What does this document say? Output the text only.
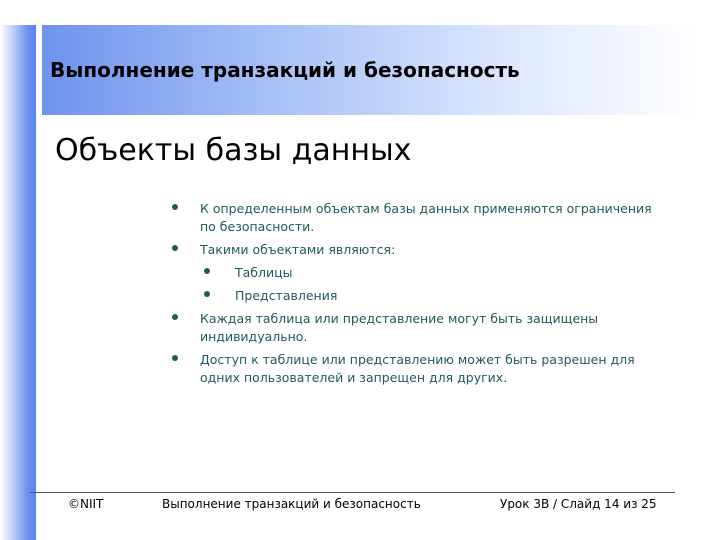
Выполнение транзакций и безопасность
Объекты базы данных
К определенным объектам базы данных применяются ограничения по безопасности.
Такими объектами являются:
Таблицы
Представления
Каждая таблица или представление могут быть защищены индивидуально.
Доступ к таблице или представлению может быть разрешен для одних пользователей и запрещен для других.
©NIIT	Выполнение транзакций и безопасность	Урок 3В / Слайд 14 из 25
